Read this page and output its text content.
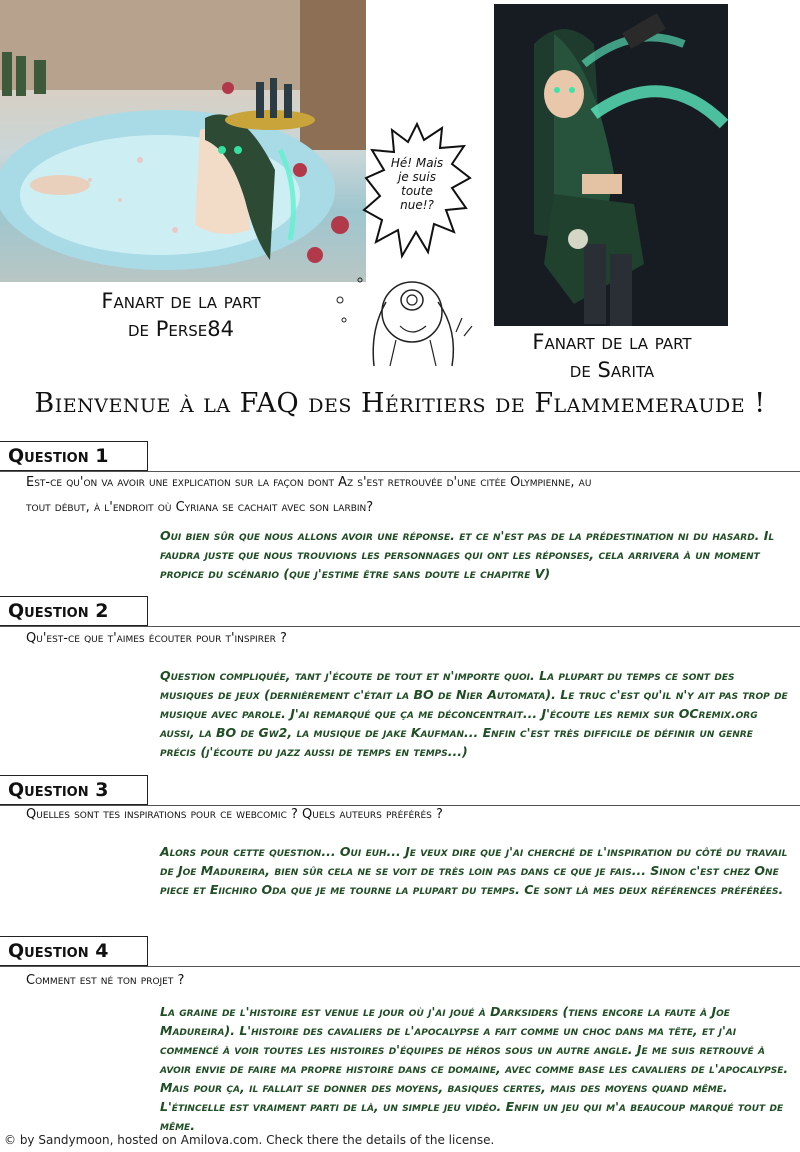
Hé! Mais
je suis
toute
nue!?
Fanart de la part
de Perse84
Fanart de la part
de Sarita
Bienvenue à la FAQ des Héritiers de Flammemeraude !
Question 1
Est-ce qu'on va avoir une explication sur la façon dont Az s'est retrouvée d'une citée Olympienne, au
tout début, à l'endroit où Cyriana se cachait avec son larbin?
Oui bien sûr que nous allons avoir une réponse. et ce n'est pas de la prédestination ni du hasard. Il faudra juste que nous trouvions les personnages qui ont les réponses, cela arrivera à un moment propice du scénario (que j'estime être sans doute le chapitre V)
Question 2
Qu'est-ce que t'aimes écouter pour t'inspirer ?
Question compliquée, tant j'écoute de tout et n'importe quoi. La plupart du temps ce sont des musiques de jeux (dernièrement c'était la BO de Nier Automata). Le truc c'est qu'il n'y ait pas trop de musique avec parole. J'ai remarqué que ça me déconcentrait... J'écoute les remix sur OCremix.org aussi, la BO de Gw2, la musique de jake Kaufman... Enfin c'est très difficile de définir un genre précis (j'écoute du jazz aussi de temps en temps...)
Question 3
Quelles sont tes inspirations pour ce webcomic ? Quels auteurs préférés ?
Alors pour cette question... Oui euh... Je veux dire que j'ai cherché de l'inspiration du côté du travail de Joe Madureira, bien sûr cela ne se voit de très loin pas dans ce que je fais... Sinon c'est chez One piece et Eiichiro Oda que je me tourne la plupart du temps. Ce sont là mes deux références préférées.
Question 4
Comment est né ton projet ?
La graine de l'histoire est venue le jour où j'ai joué à Darksiders (tiens encore la faute à Joe Madureira). L'histoire des cavaliers de l'apocalypse a fait comme un choc dans ma tête, et j'ai commencé à voir toutes les histoires d'équipes de héros sous un autre angle. Je me suis retrouvé à avoir envie de faire ma propre histoire dans ce domaine, avec comme base les cavaliers de l'apocalypse. Mais pour ça, il fallait se donner des moyens, basiques certes, mais des moyens quand même. L'étincelle est vraiment parti de là, un simple jeu vidéo. Enfin un jeu qui m'a beaucoup marqué tout de même.
© by Sandymoon, hosted on Amilova.com. Check there the details of the license.
